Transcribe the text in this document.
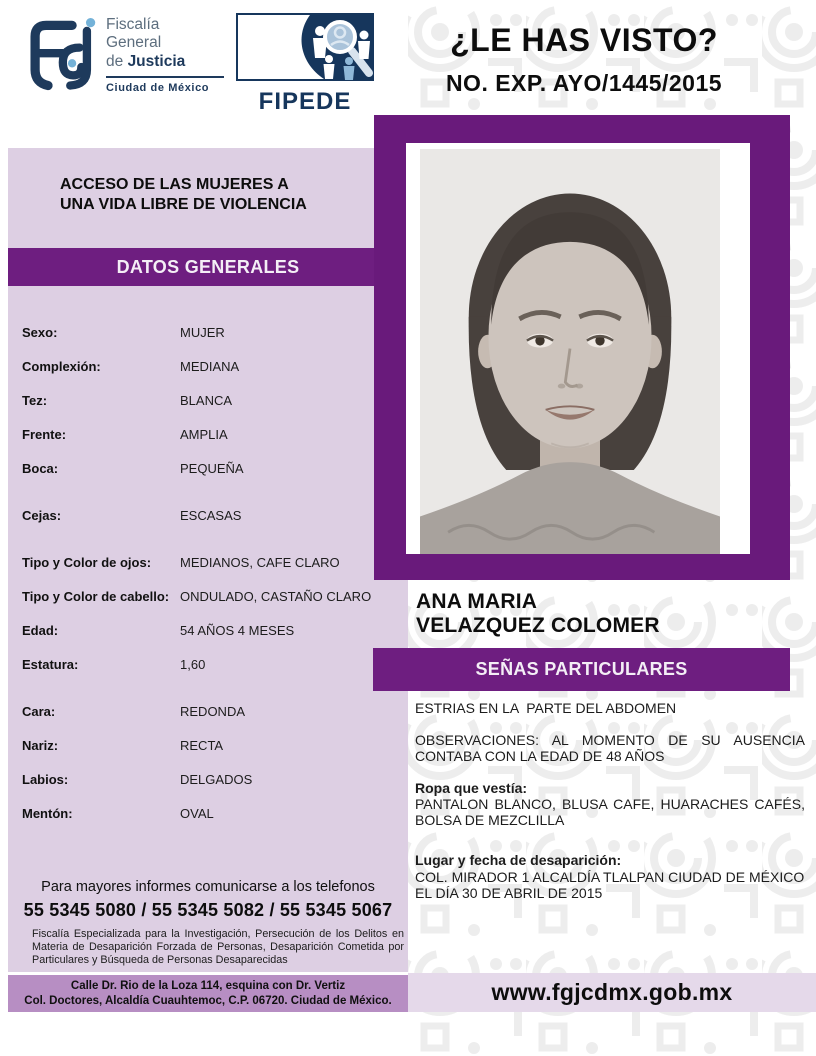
Fiscalía
General
de Justicia
Ciudad de México
FIPEDE
¿LE HAS VISTO?
NO. EXP. AYO/1445/2015
ACCESO DE LAS MUJERES A UNA VIDA LIBRE DE VIOLENCIA
DATOS GENERALES
Sexo:	MUJER
Complexión:	MEDIANA
Tez:	BLANCA
Frente:	AMPLIA
Boca:	PEQUEÑA
Cejas:	ESCASAS
Tipo y Color de ojos:	MEDIANOS, CAFE CLARO
Tipo y Color de cabello: ONDULADO, CASTAÑO CLARO
Edad:	54 AÑOS 4 MESES
Estatura:	1,60
Cara:	REDONDA
Nariz:	RECTA
Labios:	DELGADOS
Mentón:	OVAL
Para mayores informes comunicarse a los telefonos
55 5345 5080 / 55 5345 5082 / 55 5345 5067
Fiscalía Especializada para la Investigación, Persecución de los Delitos en Materia de Desaparición Forzada de Personas, Desaparición Cometida por Particulares y Búsqueda de Personas Desaparecidas
Calle Dr. Rio de la Loza 114, esquina con Dr. Vertiz
Col. Doctores, Alcaldía Cuauhtemoc, C.P. 06720. Ciudad de México.
ANA MARIA
VELAZQUEZ COLOMER
SEÑAS PARTICULARES
ESTRIAS EN LA  PARTE DEL ABDOMEN
OBSERVACIONES: AL MOMENTO DE SU AUSENCIA CONTABA CON LA EDAD DE 48 AÑOS
Ropa que vestía:
PANTALON BLANCO, BLUSA CAFE, HUARACHES CAFÉS, BOLSA DE MEZCLILLA
Lugar y fecha de desaparición:
COL. MIRADOR 1 ALCALDÍA TLALPAN CIUDAD DE MÉXICO EL DÍA 30 DE ABRIL DE 2015
www.fgjcdmx.gob.mx
